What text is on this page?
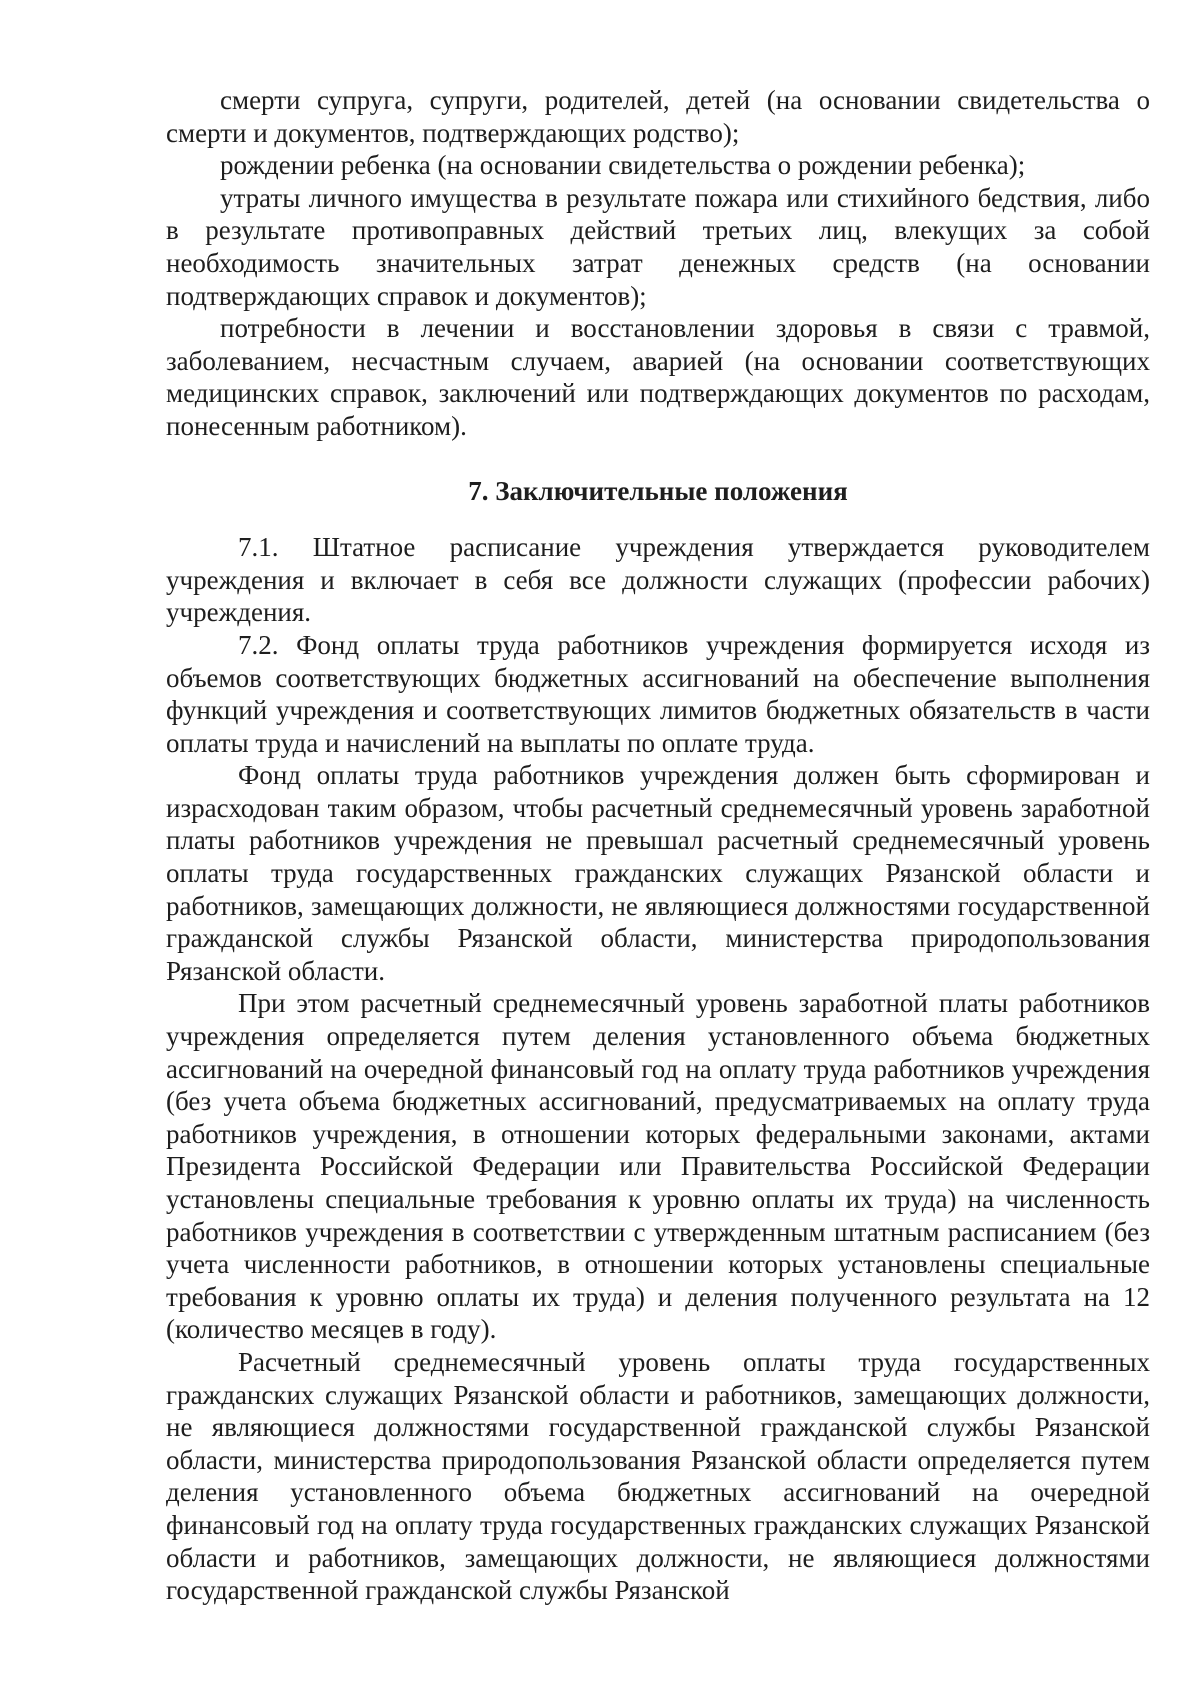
смерти супруга, супруги, родителей, детей (на основании свидетельства о смерти и документов, подтверждающих родство);

рождении ребенка (на основании свидетельства о рождении ребенка);

утраты личного имущества в результате пожара или стихийного бедствия, либо в результате противоправных действий третьих лиц, влекущих за собой необходимость значительных затрат денежных средств (на основании подтверждающих справок и документов);

потребности в лечении и восстановлении здоровья в связи с травмой, заболеванием, несчастным случаем, аварией (на основании соответствующих медицинских справок, заключений или подтверждающих документов по расходам, понесенным работником).

7. Заключительные положения

7.1. Штатное расписание учреждения утверждается руководителем учреждения и включает в себя все должности служащих (профессии рабочих) учреждения.

7.2. Фонд оплаты труда работников учреждения формируется исходя из объемов соответствующих бюджетных ассигнований на обеспечение выполнения функций учреждения и соответствующих лимитов бюджетных обязательств в части оплаты труда и начислений на выплаты по оплате труда.

Фонд оплаты труда работников учреждения должен быть сформирован и израсходован таким образом, чтобы расчетный среднемесячный уровень заработной платы работников учреждения не превышал расчетный среднемесячный уровень оплаты труда государственных гражданских служащих Рязанской области и работников, замещающих должности, не являющиеся должностями государственной гражданской службы Рязанской области, министерства природопользования Рязанской области.

При этом расчетный среднемесячный уровень заработной платы работников учреждения определяется путем деления установленного объема бюджетных ассигнований на очередной финансовый год на оплату труда работников учреждения (без учета объема бюджетных ассигнований, предусматриваемых на оплату труда работников учреждения, в отношении которых федеральными законами, актами Президента Российской Федерации или Правительства Российской Федерации установлены специальные требования к уровню оплаты их труда) на численность работников учреждения в соответствии с утвержденным штатным расписанием (без учета численности работников, в отношении которых установлены специальные требования к уровню оплаты их труда) и деления полученного результата на 12 (количество месяцев в году).

Расчетный среднемесячный уровень оплаты труда государственных гражданских служащих Рязанской области и работников, замещающих должности, не являющиеся должностями государственной гражданской службы Рязанской области, министерства природопользования Рязанской области определяется путем деления установленного объема бюджетных ассигнований на очередной финансовый год на оплату труда государственных гражданских служащих Рязанской области и работников, замещающих должности, не являющиеся должностями государственной гражданской службы Рязанской
